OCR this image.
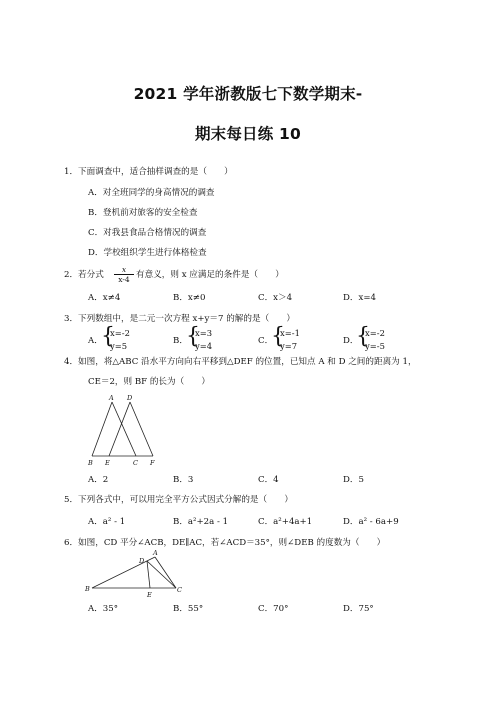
2021 学年浙教版七下数学期末-
期末每日练 10
1．下面调查中，适合抽样调查的是（　　）
A．对全班同学的身高情况的调查
B．登机前对旅客的安全检查
C．对我县食品合格情况的调查
D．学校组织学生进行体格检查
2．若分式
x
x-4 有意义，则 x 应满足的条件是（　　）
A．x≠4	B．x≠0	C．x＞4	D．x=4
3．下列数组中，是二元一次方程 x+y＝7 的解的是（　　）
A．
{
x=-2
y=5	B．
{
x=3
y=4	C．
{
x=-1
y=7	D．
{
x=-2
y=-5
4．如图，将△ABC 沿水平方向向右平移到△DEF 的位置，已知点 A 和 D 之间的距离为 1，
CE＝2，则 BF 的长为（　　）
A D
B E	C F
A．2	B．3	C．4	D．5
5．下列各式中，可以用完全平方公式因式分解的是（　　）
A．a² - 1	B．a²+2a - 1	C．a²+4a+1	D．a² - 6a+9
6．如图，CD 平分∠ACB，DE∥AC，若∠ACD＝35°，则∠DEB 的度数为（　　）
A
D
B
E
C
A．35°	B．55°	C．70°	D．75°
